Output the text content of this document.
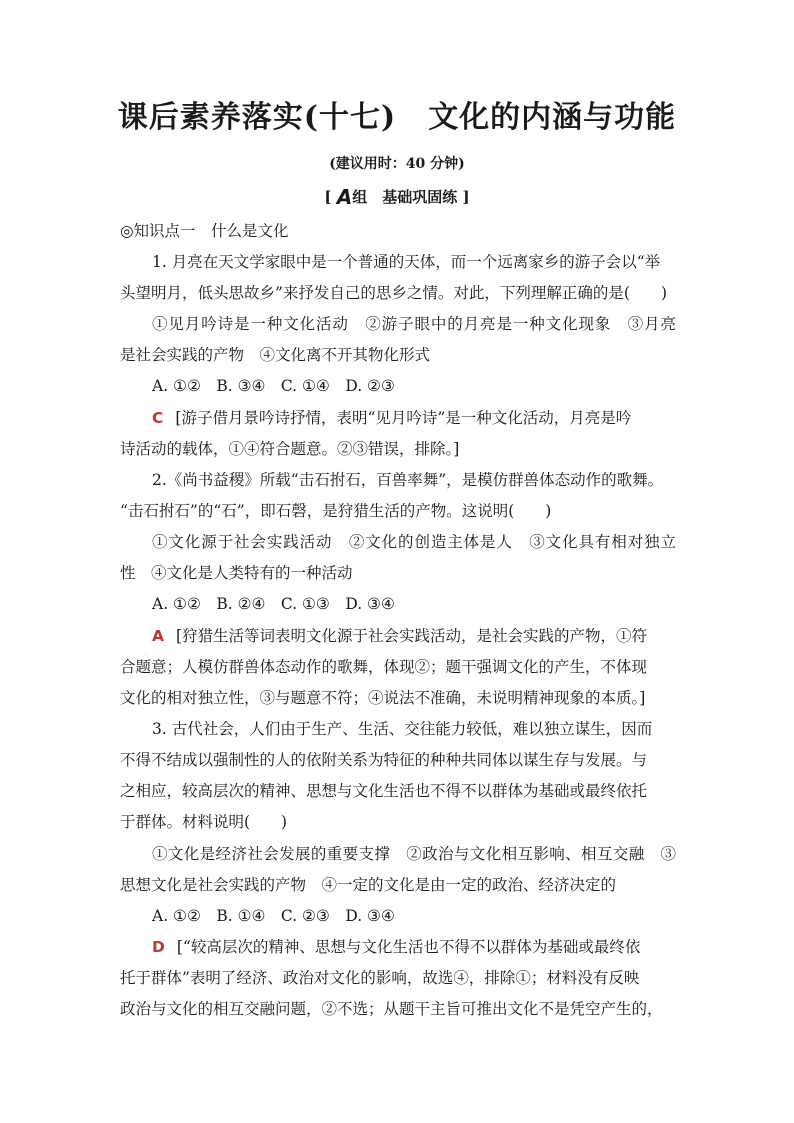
课后素养落实(十七) 文化的内涵与功能
(建议用时：40 分钟)
[ A组　基础巩固练 ]
◎知识点一　什么是文化
1. 月亮在天文学家眼中是一个普通的天体，而一个远离家乡的游子会以“举
头望明月，低头思故乡”来抒发自己的思乡之情。对此，下列理解正确的是(　　)
①见月吟诗是一种文化活动　②游子眼中的月亮是一种文化现象　③月亮
是社会实践的产物　④文化离不开其物化形式
A. ①②　B. ③④　C. ①④　D. ②③
C [游子借月景吟诗抒情，表明“见月吟诗”是一种文化活动，月亮是吟
诗活动的载体，①④符合题意。②③错误，排除。]
2.《尚书益稷》所载“击石拊石，百兽率舞”，是模仿群兽体态动作的歌舞。
“击石拊石”的“石”，即石磬，是狩猎生活的产物。这说明(　　)
①文化源于社会实践活动　②文化的创造主体是人　③文化具有相对独立
性　④文化是人类特有的一种活动
A. ①②　B. ②④　C. ①③　D. ③④
A [狩猎生活等词表明文化源于社会实践活动，是社会实践的产物，①符
合题意；人模仿群兽体态动作的歌舞，体现②；题干强调文化的产生，不体现
文化的相对独立性，③与题意不符；④说法不准确，未说明精神现象的本质。]
3. 古代社会，人们由于生产、生活、交往能力较低，难以独立谋生，因而
不得不结成以强制性的人的依附关系为特征的种种共同体以谋生存与发展。与
之相应，较高层次的精神、思想与文化生活也不得不以群体为基础或最终依托
于群体。材料说明(　　)
①文化是经济社会发展的重要支撑　②政治与文化相互影响、相互交融　③
思想文化是社会实践的产物　④一定的文化是由一定的政治、经济决定的
A. ①②　B. ①④　C. ②③　D. ③④
D [“较高层次的精神、思想与文化生活也不得不以群体为基础或最终依
托于群体”表明了经济、政治对文化的影响，故选④，排除①；材料没有反映
政治与文化的相互交融问题，②不选；从题干主旨可推出文化不是凭空产生的，
